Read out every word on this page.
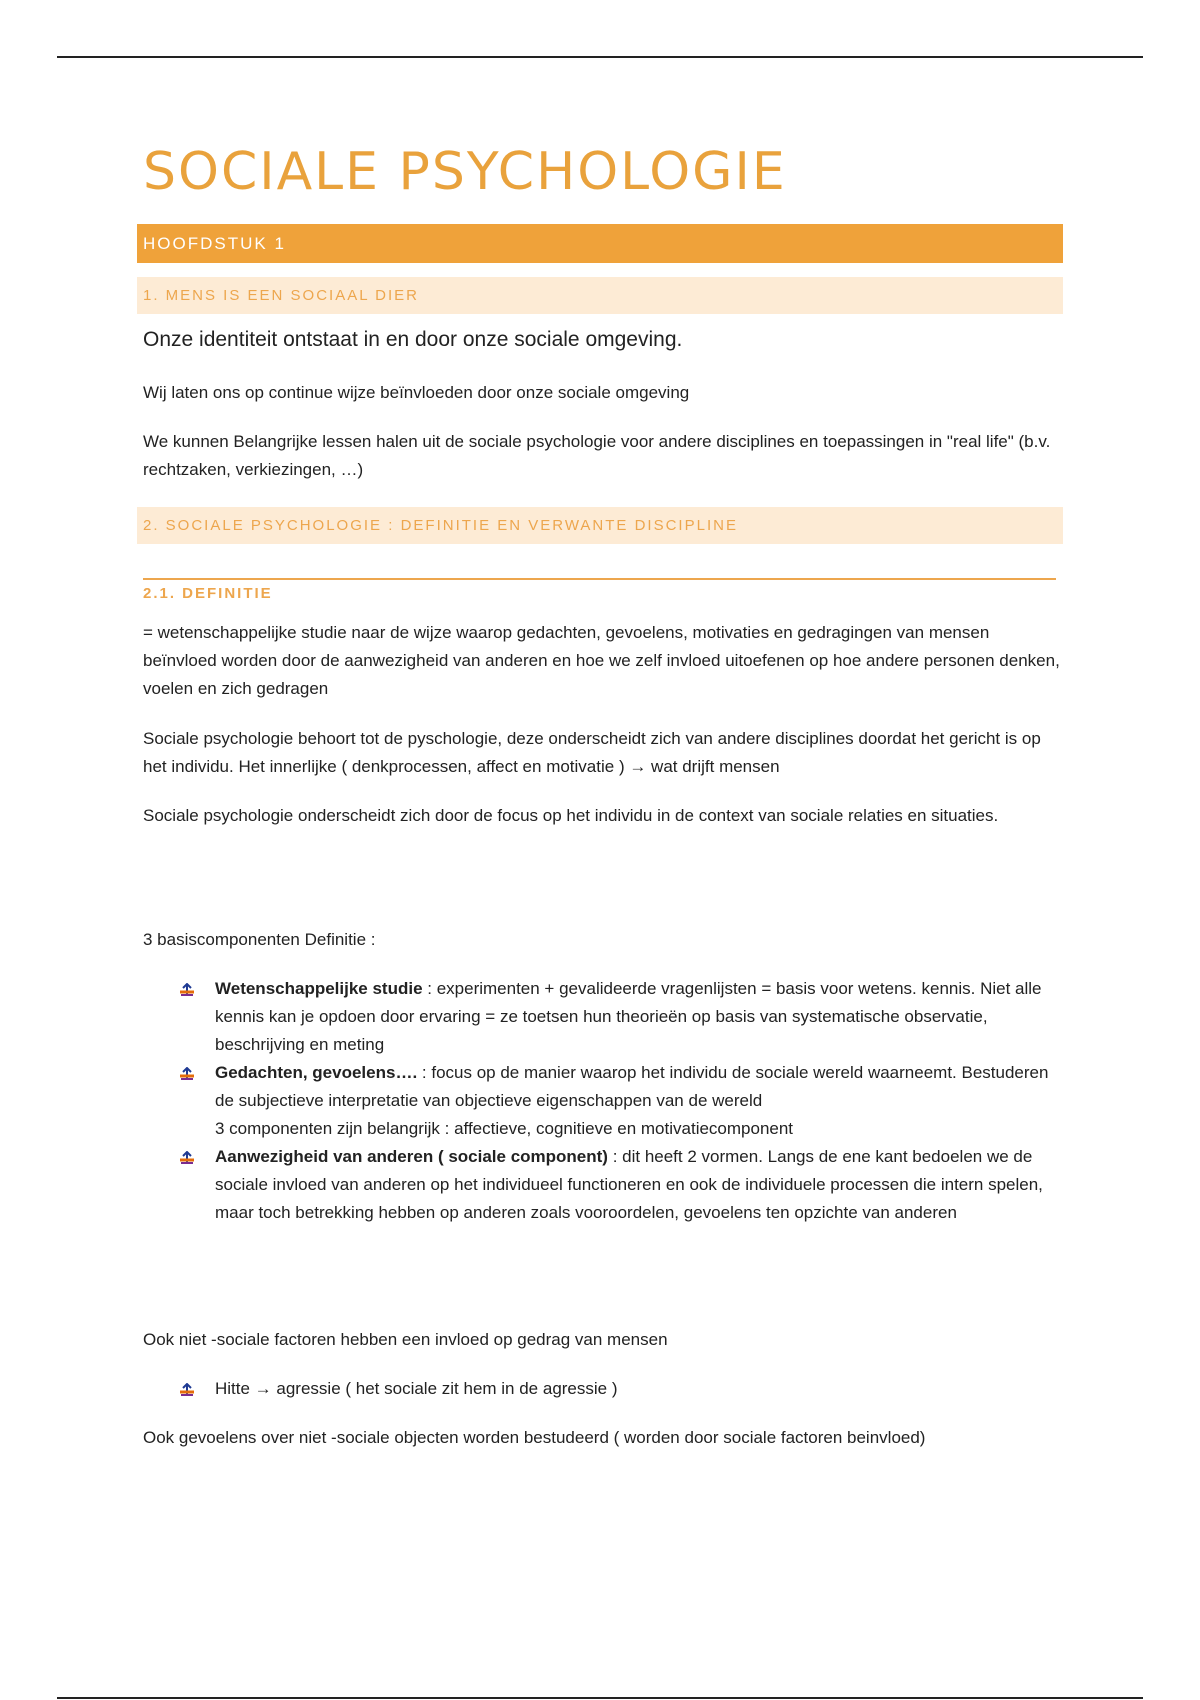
SOCIALE PSYCHOLOGIE
HOOFDSTUK 1
1. MENS IS EEN SOCIAAL DIER
Onze identiteit ontstaat in en door onze sociale omgeving.
Wij laten ons op continue wijze beïnvloeden door onze sociale omgeving
We kunnen Belangrijke lessen halen uit de sociale psychologie voor andere disciplines en toepassingen in "real life" (b.v. rechtzaken, verkiezingen, …)
2. SOCIALE PSYCHOLOGIE : DEFINITIE EN VERWANTE DISCIPLINE
2.1. DEFINITIE
= wetenschappelijke studie naar de wijze waarop gedachten, gevoelens, motivaties en gedragingen van mensen beïnvloed worden door de aanwezigheid van anderen en hoe we zelf invloed uitoefenen op hoe andere personen denken, voelen en zich gedragen
Sociale psychologie behoort tot de pyschologie, deze onderscheidt zich van andere disciplines doordat het gericht is op het individu. Het innerlijke ( denkprocessen, affect en motivatie ) → wat drijft mensen
Sociale psychologie onderscheidt zich door de focus op het individu in de context van sociale relaties en situaties.
3 basiscomponenten Definitie :
Wetenschappelijke studie : experimenten + gevalideerde vragenlijsten = basis voor wetens. kennis. Niet alle kennis kan je opdoen door ervaring = ze toetsen hun theorieën op basis van systematische observatie, beschrijving en meting
Gedachten, gevoelens…. : focus op de manier waarop het individu de sociale wereld waarneemt. Bestuderen de subjectieve interpretatie van objectieve eigenschappen van de wereld
3 componenten zijn belangrijk : affectieve, cognitieve en motivatiecomponent
Aanwezigheid van anderen ( sociale component) : dit heeft 2 vormen. Langs de ene kant bedoelen we de sociale invloed van anderen op het individueel functioneren en ook de individuele processen die intern spelen, maar toch betrekking hebben op anderen zoals vooroordelen, gevoelens ten opzichte van anderen
Ook niet -sociale factoren hebben een invloed op gedrag van mensen
Hitte → agressie ( het sociale zit hem in de agressie )
Ook gevoelens over niet -sociale objecten worden bestudeerd ( worden door sociale factoren beinvloed)
